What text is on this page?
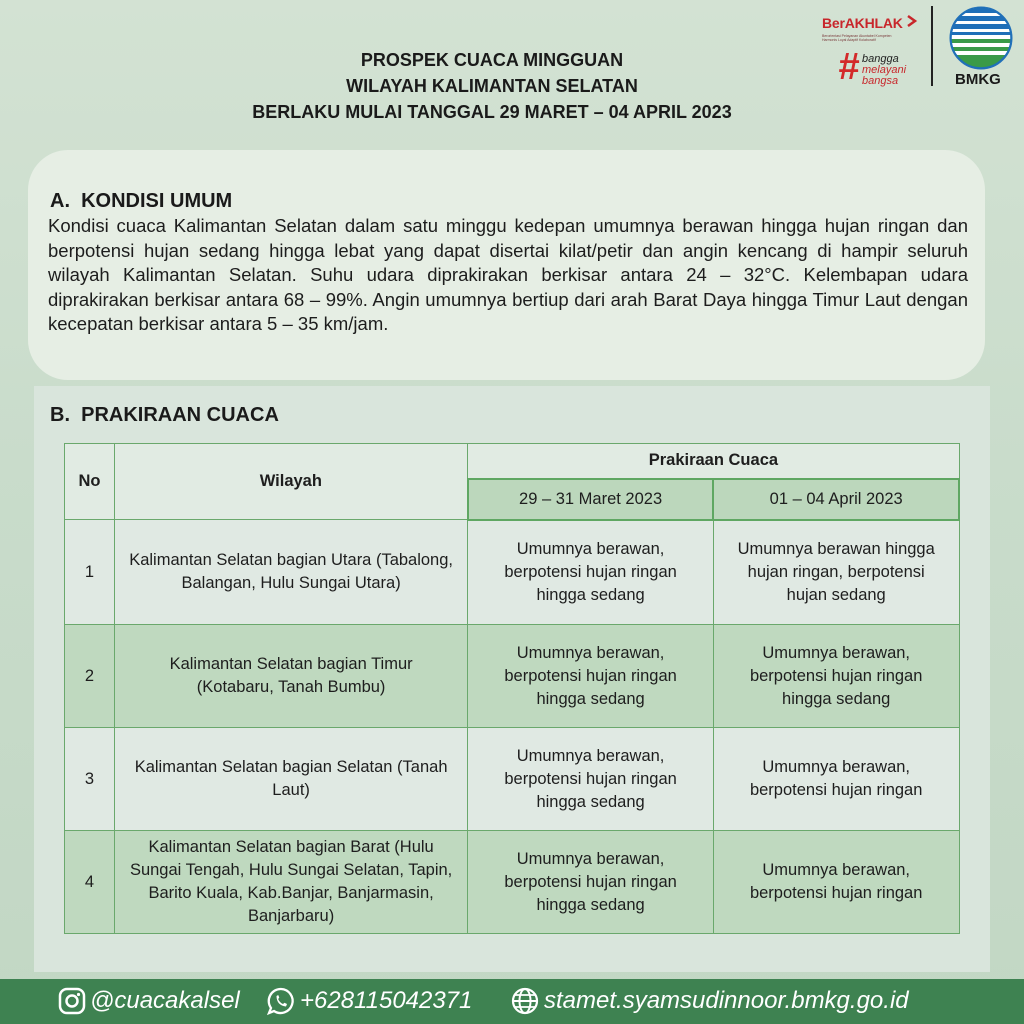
BerAKHLAK
Berorientasi Pelayanan Akuntabel Kompeten Harmonis Loyal Adaptif Kolaboratif
# bangga
melayani
bangsa	BMKG
PROSPEK CUACA MINGGUAN
WILAYAH KALIMANTAN SELATAN
BERLAKU MULAI TANGGAL 29 MARET – 04 APRIL 2023
A.  KONDISI UMUM

Kondisi cuaca Kalimantan Selatan dalam satu minggu kedepan umumnya berawan hingga hujan ringan dan berpotensi hujan sedang hingga lebat yang dapat disertai kilat/petir dan angin kencang di hampir seluruh wilayah Kalimantan Selatan. Suhu udara diprakirakan berkisar antara 24 – 32°C. Kelembapan udara diprakirakan berkisar antara 68 – 99%. Angin umumnya bertiup dari arah Barat Daya hingga Timur Laut dengan kecepatan berkisar antara 5 – 35 km/jam.

B.  PRAKIRAAN CUACA
No	Wilayah	Prakiraan Cuaca	
		29 – 31 Maret 2023	01 – 04 April 2023
1	Kalimantan Selatan bagian Utara (Tabalong, Balangan, Hulu Sungai Utara)	Umumnya berawan, berpotensi hujan ringan hingga sedang	Umumnya berawan hingga hujan ringan, berpotensi hujan sedang
2	Kalimantan Selatan bagian Timur (Kotabaru, Tanah Bumbu)	Umumnya berawan, berpotensi hujan ringan hingga sedang	Umumnya berawan, berpotensi hujan ringan hingga sedang
3	Kalimantan Selatan bagian Selatan (Tanah Laut)	Umumnya berawan, berpotensi hujan ringan hingga sedang	Umumnya berawan, berpotensi hujan ringan
4	Kalimantan Selatan bagian Barat (Hulu Sungai Tengah, Hulu Sungai Selatan, Tapin, Barito Kuala, Kab.Banjar, Banjarmasin, Banjarbaru)	Umumnya berawan, berpotensi hujan ringan hingga sedang	Umumnya berawan, berpotensi hujan ringan
@cuacakalsel	+628115042371	stamet.syamsudinnoor.bmkg.go.id
